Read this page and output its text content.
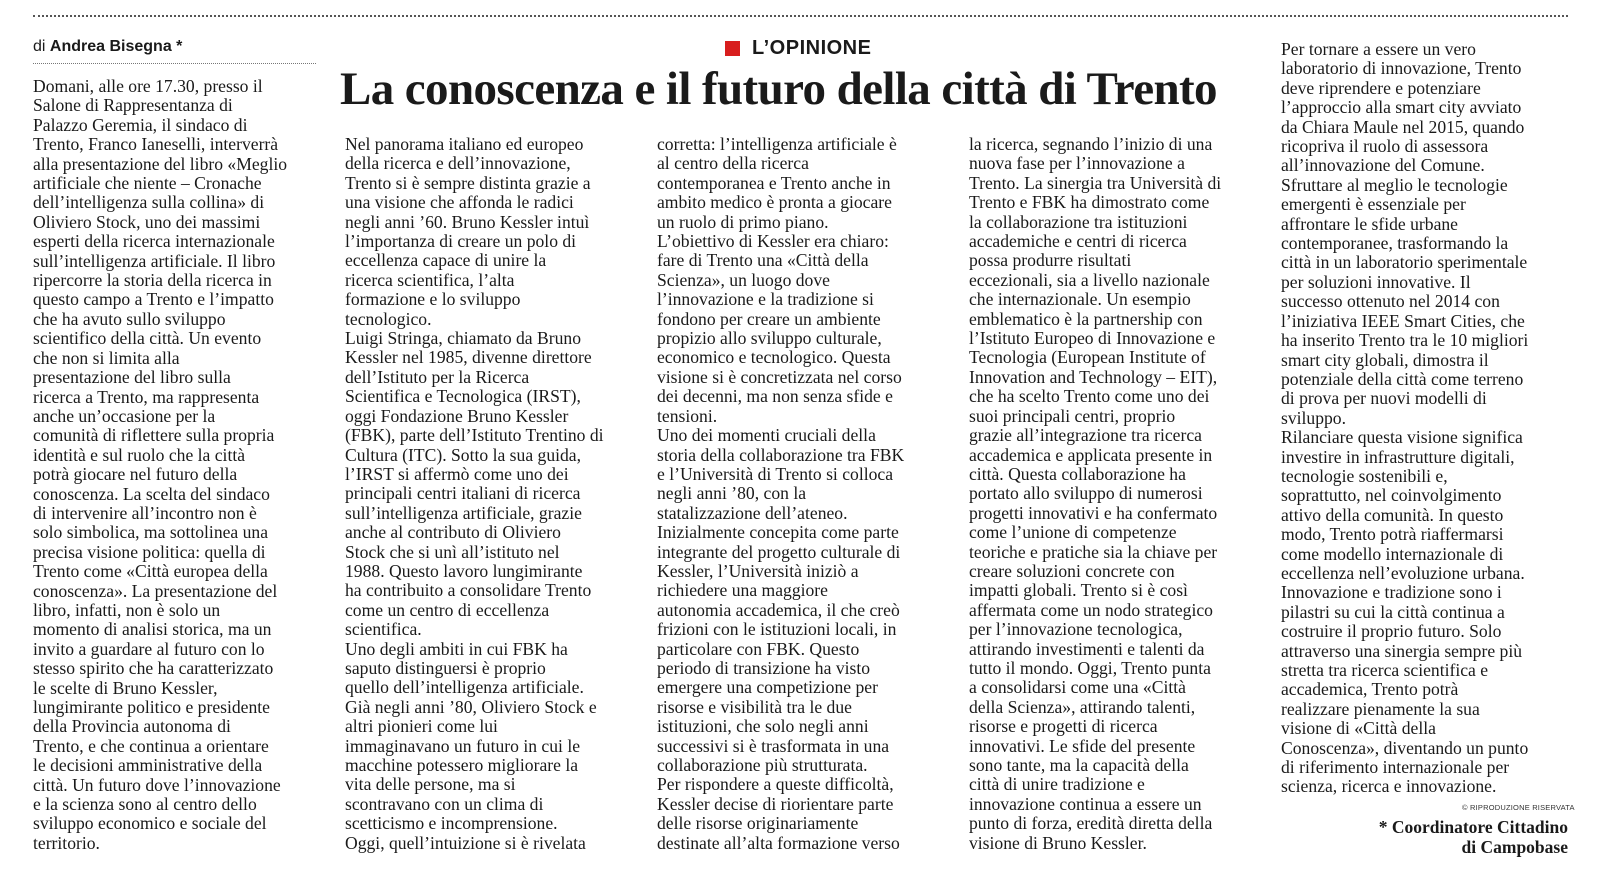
di Andrea Bisegna *	L’OPINIONE
La conoscenza e il futuro della città di Trento

Domani, alle ore 17.30, presso il

Salone di Rappresentanza di

Palazzo Geremia, il sindaco di

Trento, Franco Ianeselli, interverrà

alla presentazione del libro «Meglio

artificiale che niente – Cronache

dell’intelligenza sulla collina» di

Oliviero Stock, uno dei massimi

esperti della ricerca internazionale

sull’intelligenza artificiale. Il libro

ripercorre la storia della ricerca in

questo campo a Trento e l’impatto

che ha avuto sullo sviluppo

scientifico della città. Un evento

che non si limita alla

presentazione del libro sulla

ricerca a Trento, ma rappresenta

anche un’occasione per la

comunità di riflettere sulla propria

identità e sul ruolo che la città

potrà giocare nel futuro della

conoscenza. La scelta del sindaco

di intervenire all’incontro non è

solo simbolica, ma sottolinea una

precisa visione politica: quella di

Trento come «Città europea della

conoscenza». La presentazione del

libro, infatti, non è solo un

momento di analisi storica, ma un

invito a guardare al futuro con lo

stesso spirito che ha caratterizzato

le scelte di Bruno Kessler,

lungimirante politico e presidente

della Provincia autonoma di

Trento, e che continua a orientare

le decisioni amministrative della

città. Un futuro dove l’innovazione

e la scienza sono al centro dello

sviluppo economico e sociale del

territorio.

Nel panorama italiano ed europeo

della ricerca e dell’innovazione,

Trento si è sempre distinta grazie a

una visione che affonda le radici

negli anni ’60. Bruno Kessler intuì

l’importanza di creare un polo di

eccellenza capace di unire la

ricerca scientifica, l’alta

formazione e lo sviluppo

tecnologico.

Luigi Stringa, chiamato da Bruno

Kessler nel 1985, divenne direttore

dell’Istituto per la Ricerca

Scientifica e Tecnologica (IRST),

oggi Fondazione Bruno Kessler

(FBK), parte dell’Istituto Trentino di

Cultura (ITC). Sotto la sua guida,

l’IRST si affermò come uno dei

principali centri italiani di ricerca

sull’intelligenza artificiale, grazie

anche al contributo di Oliviero

Stock che si unì all’istituto nel

1988. Questo lavoro lungimirante

ha contribuito a consolidare Trento

come un centro di eccellenza

scientifica.

Uno degli ambiti in cui FBK ha

saputo distinguersi è proprio

quello dell’intelligenza artificiale.

Già negli anni ’80, Oliviero Stock e

altri pionieri come lui

immaginavano un futuro in cui le

macchine potessero migliorare la

vita delle persone, ma si

scontravano con un clima di

scetticismo e incomprensione.

Oggi, quell’intuizione si è rivelata

corretta: l’intelligenza artificiale è

al centro della ricerca

contemporanea e Trento anche in

ambito medico è pronta a giocare

un ruolo di primo piano.

L’obiettivo di Kessler era chiaro:

fare di Trento una «Città della

Scienza», un luogo dove

l’innovazione e la tradizione si

fondono per creare un ambiente

propizio allo sviluppo culturale,

economico e tecnologico. Questa

visione si è concretizzata nel corso

dei decenni, ma non senza sfide e

tensioni.

Uno dei momenti cruciali della

storia della collaborazione tra FBK

e l’Università di Trento si colloca

negli anni ’80, con la

statalizzazione dell’ateneo.

Inizialmente concepita come parte

integrante del progetto culturale di

Kessler, l’Università iniziò a

richiedere una maggiore

autonomia accademica, il che creò

frizioni con le istituzioni locali, in

particolare con FBK. Questo

periodo di transizione ha visto

emergere una competizione per

risorse e visibilità tra le due

istituzioni, che solo negli anni

successivi si è trasformata in una

collaborazione più strutturata.

Per rispondere a queste difficoltà,

Kessler decise di riorientare parte

delle risorse originariamente

destinate all’alta formazione verso

la ricerca, segnando l’inizio di una

nuova fase per l’innovazione a

Trento. La sinergia tra Università di

Trento e FBK ha dimostrato come

la collaborazione tra istituzioni

accademiche e centri di ricerca

possa produrre risultati

eccezionali, sia a livello nazionale

che internazionale. Un esempio

emblematico è la partnership con

l’Istituto Europeo di Innovazione e

Tecnologia (European Institute of

Innovation and Technology – EIT),

che ha scelto Trento come uno dei

suoi principali centri, proprio

grazie all’integrazione tra ricerca

accademica e applicata presente in

città. Questa collaborazione ha

portato allo sviluppo di numerosi

progetti innovativi e ha confermato

come l’unione di competenze

teoriche e pratiche sia la chiave per

creare soluzioni concrete con

impatti globali. Trento si è così

affermata come un nodo strategico

per l’innovazione tecnologica,

attirando investimenti e talenti da

tutto il mondo. Oggi, Trento punta

a consolidarsi come una «Città

della Scienza», attirando talenti,

risorse e progetti di ricerca

innovativi. Le sfide del presente

sono tante, ma la capacità della

città di unire tradizione e

innovazione continua a essere un

punto di forza, eredità diretta della

visione di Bruno Kessler.

Per tornare a essere un vero

laboratorio di innovazione, Trento

deve riprendere e potenziare

l’approccio alla smart city avviato

da Chiara Maule nel 2015, quando

ricopriva il ruolo di assessora

all’innovazione del Comune.

Sfruttare al meglio le tecnologie

emergenti è essenziale per

affrontare le sfide urbane

contemporanee, trasformando la

città in un laboratorio sperimentale

per soluzioni innovative. Il

successo ottenuto nel 2014 con

l’iniziativa IEEE Smart Cities, che

ha inserito Trento tra le 10 migliori

smart city globali, dimostra il

potenziale della città come terreno

di prova per nuovi modelli di

sviluppo.

Rilanciare questa visione significa

investire in infrastrutture digitali,

tecnologie sostenibili e,

soprattutto, nel coinvolgimento

attivo della comunità. In questo

modo, Trento potrà riaffermarsi

come modello internazionale di

eccellenza nell’evoluzione urbana.

Innovazione e tradizione sono i

pilastri su cui la città continua a

costruire il proprio futuro. Solo

attraverso una sinergia sempre più

stretta tra ricerca scientifica e

accademica, Trento potrà

realizzare pienamente la sua

visione di «Città della

Conoscenza», diventando un punto

di riferimento internazionale per

scienza, ricerca e innovazione.

© RIPRODUZIONE RISERVATA
* Coordinatore Cittadino
di Campobase
